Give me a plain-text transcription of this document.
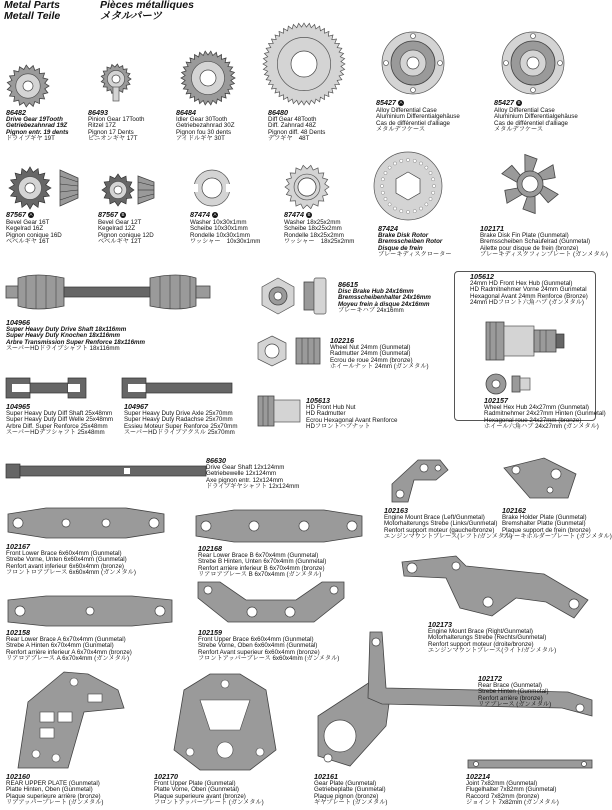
Metal Parts
Metall Teile
Pièces métalliques
メタルパーツ
86482
Drive Gear 19Tooth
Getriebezahnrad 19Z
Pignon entr. 19 dents
ドライブギヤ 19T
86493
Pinion Gear 17Tooth
Ritzel 17Z
Pignon 17 Dents
ピニオンギヤ 17T
86484
Idler Gear 30Tooth
Getriebezahnrad 30Z
Pignon fou 30 dents
アイドルギヤ 30T
86480
Diff Gear 48Tooth
Diff. Zahnrad 48Z
Pignon diff. 48 Dents
デフギヤ　48T
85427 A
Alloy Differential Case
Aluminium Differentialgehäuse
Cas de différentiel d'alliage
メタルデフケース
85427 B
Alloy Differential Case
Aluminium Differentialgehäuse
Cas de différentiel d'alliage
メタルデフケース
87567 A
Bevel Gear 16T
Kegelrad 16Z
Pignon conique 16D
ベベルギヤ 16T
87567 B
Bevel Gear 12T
Kegelrad 12Z
Pignon conique 12D
ベベルギヤ 12T
87474 A
Washer 10x30x1mm
Scheibe 10x30x1mm
Rondelle 10x30x1mm
ワッシャー　10x30x1mm
87474 B
Washer 18x25x2mm
Scheibe 18x25x2mm
Rondelle 18x25x2mm
ワッシャー　18x25x2mm
87424
Brake Disk Rotor
Bremsscheiben Rotor
Disque de frein
ブレーキディスクローター
102171
Brake Disk Fin Plate (Gunmetal)
Bremsscheiben Schaufelrad (Gunmetal)
Ailette pour disque de frein (bronze)
ブレーキディスクフィンプレート (ガンメタル)
104966
Super Heavy Duty Drive Shaft 18x116mm
Super Heavy Duty Knochen 18x116mm
Arbre Transmission Super Renforce 18x116mm
スーパーHDドライブシャフト 18x116mm
86615
Disc Brake Hub 24x16mm
Bremsscheibenhalter 24x16mm
Moyeu frein à disque 24x16mm
ブレーキハブ 24x16mm
105612
24mm HD Front Hex Hub (Gunmetal)
HD Radmitnehmer Vorne 24mm Gunmetal
Hexagonal Avant 24mm Renforce (Bronze)
24mm HDフロント六角ハブ (ガンメタル)
102157
Wheel Hex Hub 24x27mm (Gunmetal)
Radmitnehmer 24x27mm Hinten (Gunmetal)
Hexagonal roue 24x27mm (bronze)
ホイール六角ハブ 24x27mm (ガンメタル)
102216
Wheel Nut 24mm (Gunmetal)
Radmutter 24mm (Gunmetal)
Ecrou de roue 24mm (bronze)
ホイールナット 24mm (ガンメタル)
104965
Super Heavy Duty Diff Shaft 25x48mm
Super Heavy Duty Diff Welle 25x48mm
Arbre Diff. Super Renforce 25x48mm
スーパーHDデフシャフト 25x48mm
104967
Super Heavy Duty Drive Axle 25x70mm
Super Heavy Duty Radachse 25x70mm
Essieu Moteur Super Renforce 25x70mm
スーパーHDドライブアクスル 25x70mm
105613
HD Front Hub Nut
HD Radmutter
Ecrou Hexagonal Avant Renforce
HDフロントハブナット
86630
Drive Gear Shaft 12x124mm
Getriebewelle 12x124mm
Axe pignon entr. 12x124mm
ドライブギヤシャフト 12x124mm
102163
Engine Mount Brace (Left/Gunmetal)
Motorhalterungs Strebe (Links/Gunmetal)
Renfort support moteur (gauche/bronze)
エンジンマウントブレース(レフト/ガンメタル)
102162
Brake Holder Plate (Gunmetal)
Bremshalter Platte (Gunmetal)
Plaque support de frein (bronze)
ブレーキホルダープレート (ガンメタル)
102167
Front Lower Brace 6x60x4mm (Gunmetal)
Strebe Vorne, Unten 6x60x4mm (Gunmetal)
Renfort avant inferieur 6x60x4mm (bronze)
フロントロアブレース 6x60x4mm (ガンメタル)
102168
Rear Lower Brace B 6x70x4mm (Gunmetal)
Strebe B Hinten, Unten 6x70x4mm (Gunmetal)
Renfort arrière inferieur B 6x70x4mm (bronze)
リアロアブレース B 6x70x4mm (ガンメタル)
102173
Engine Mount Brace (Right/Gunmetal)
Motorhalterungs Strebe (Rechts/Gunmetal)
Renfort support moteur (droite/bronze)
エンジンマウントブレース(ライト/ガンメタル)
102158
Rear Lower Brace A 6x70x4mm (Gunmetal)
Strebe A Hinten 6x70x4mm (Gunmetal)
Renfort arrière inferieur A 6x70x4mm (bronze)
リアロアブレース A 6x70x4mm (ガンメタル)
102159
Front Upper Brace 6x60x4mm (Gunmetal)
Strebe Vorne, Oben 6x60x4mm (Gunmetal)
Renfort Avant superieur 6x60x4mm (bronze)
フロントアッパーブレース 6x60x4mm (ガンメタル)
102172
Rear Brace (Gunmetal)
Strebe Hinten (Gunmetal)
Renfort arrière (bronze)
リアブレース (ガンメタル)
102160
REAR UPPER PLATE (Gunmetal)
Platte Hinten, Oben (Gunmetal)
Plaque superieure arrière (bronze)
リアアッパープレート (ガンメタル)
102170
Front Upper Plate (Gunmetal)
Platte Vorne, Oben (Gunmetal)
Plaque superieure avant (bronze)
フロントアッパープレート (ガンメタル)
102161
Gear Plate (Gunmetal)
Getriebeplatte (Gunmetal)
Plaque pignon (bronze)
ギヤプレート (ガンメタル)
102214
Joint 7x82mm (Gunmetal)
Flugelhalter 7x82mm (Gunmetal)
Raccord 7x82mm (bronze)
ジョイント 7x82mm (ガンメタル)
